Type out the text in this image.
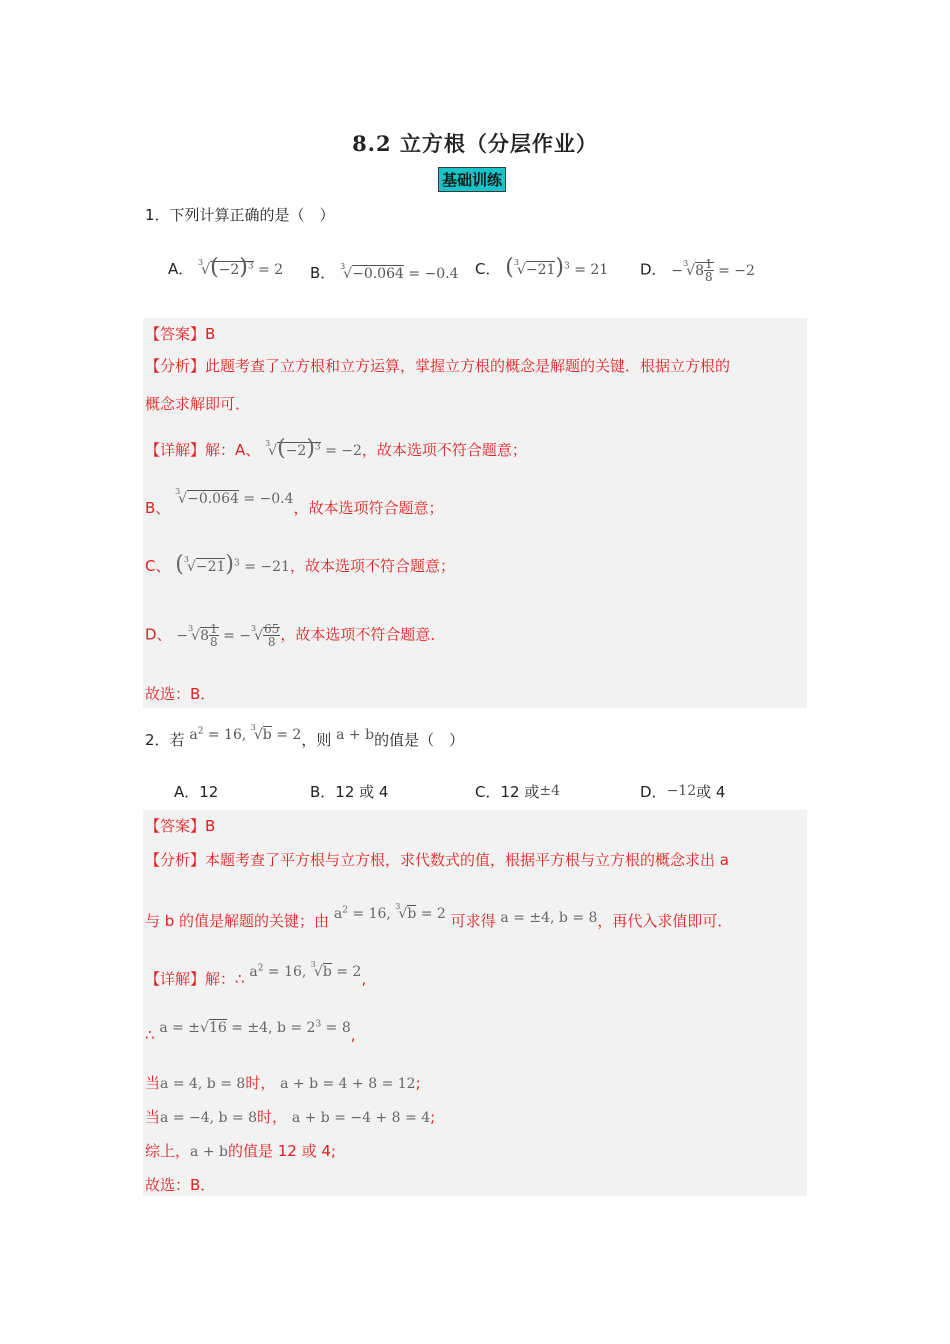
8.2 立方根（分层作业）
基础训练
1．下列计算正确的是（　）
A． $^3√(-2)^3 = 2$ B． $^3$√−0.064 = −0.4 C． $(^3√-21)^3 = 21$ D． $-^3√8 \frac{1}{8} = -2$
【答案】B
【分析】此题考查了立方根和立方运算，掌握立方根的概念是解题的关键．根据立方根的
概念求解即可．
【详解】解：A、 $^3√(-2)^3 = -2$，故本选项不符合题意；
B、 $^3$√−0.064 = −0.4，故本选项符合题意；
C、 $(^3√-21)^3 = -21$，故本选项不符合题意；
D、 $-^3√8 \frac{1}{8} = -^3√ \frac{65}{8}$ ，故本选项不符合题意．
故选：B．
2．若 $a^2 = 16$, $^3$√b = 2，则 a + b的值是（　）
A．12	B．12 或 4	C．12 或±4	D．−12或 4
【答案】B
【分析】本题考查了平方根与立方根，求代数式的值，根据平方根与立方根的概念求出 a
与 b 的值是解题的关键；由 $a^2 = 16$, $^3$√b = 2 可求得 a = ±4, b = 8，再代入求值即可．
【详解】解：∴ $a^2 = 16$, $^3$√b = 2,
∴ a = ±√16 = ±4, $b = 2^3 = 8$,
当a = 4, b = 8时， a + b = 4 + 8 = 12;
当a = −4, b = 8时， a + b = −4 + 8 = 4;
综上，a + b的值是 12 或 4;
故选：B．
